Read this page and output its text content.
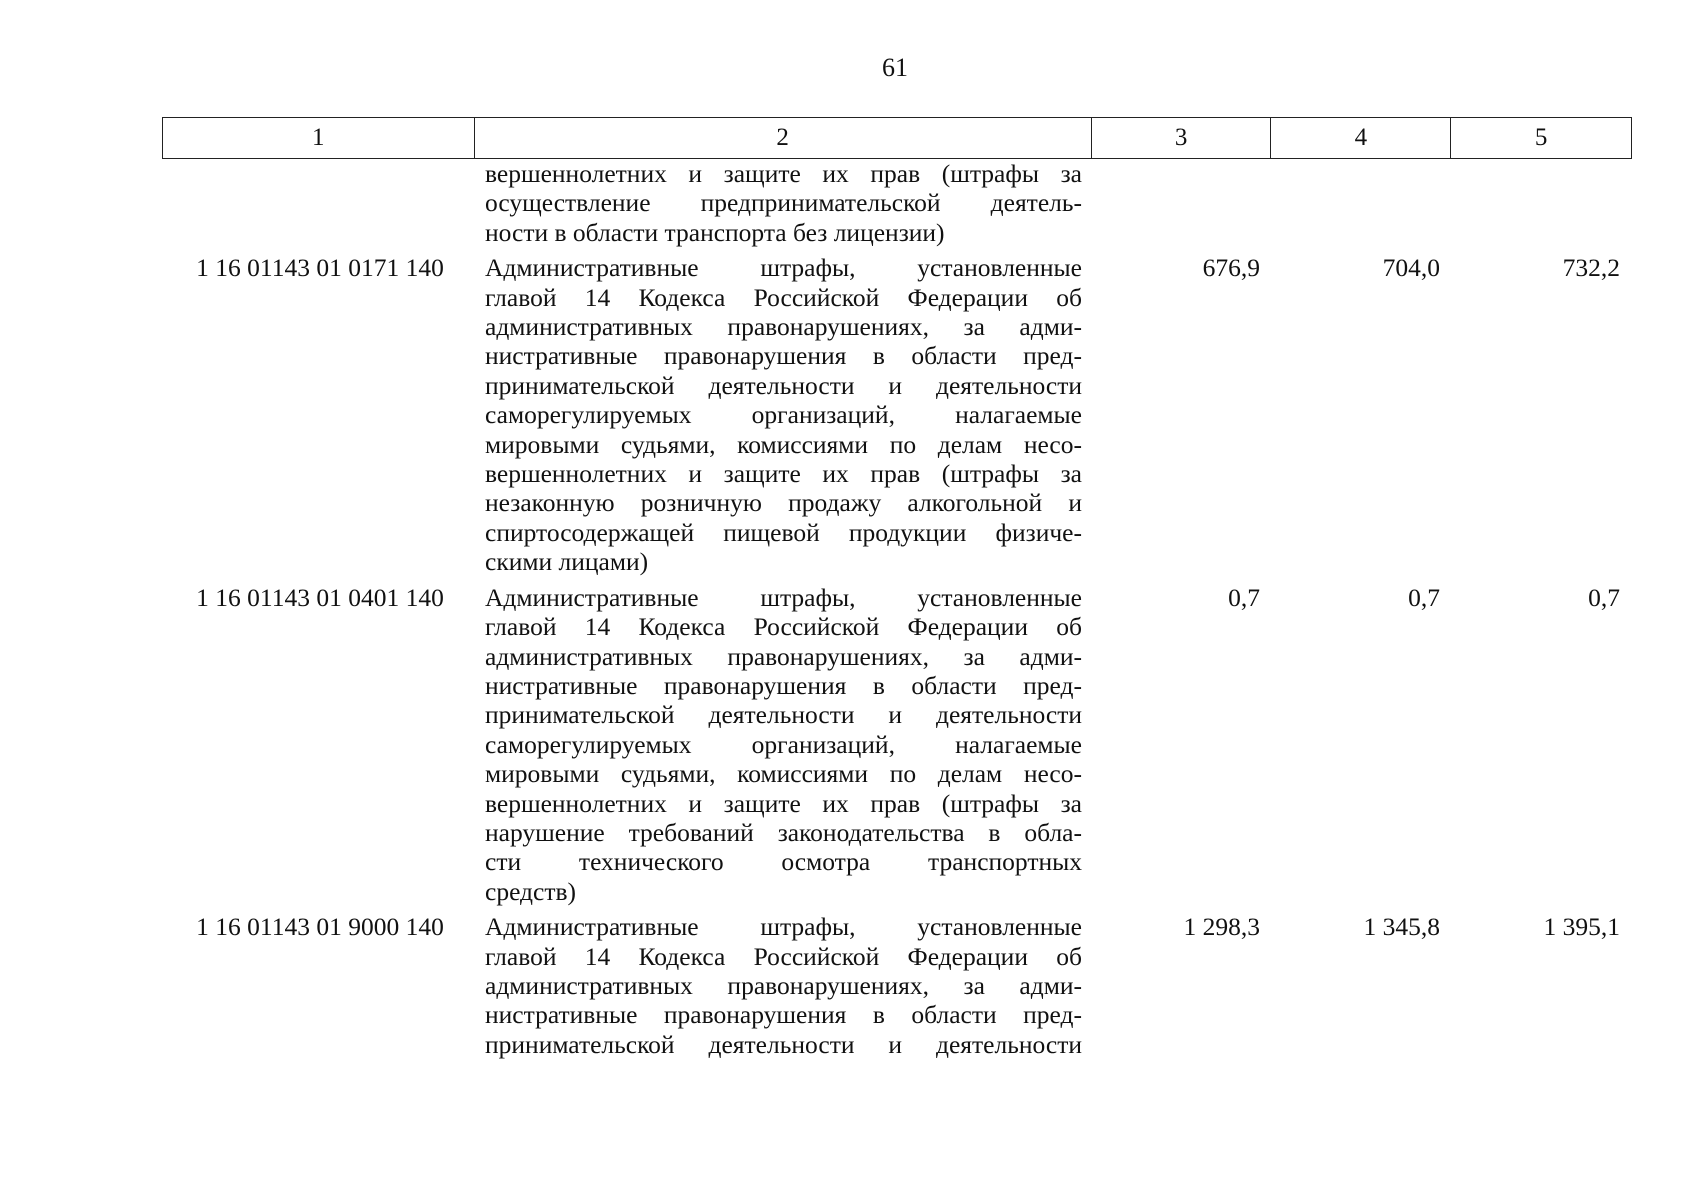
61
1	2	3	4	5
вершеннолетних и защите их прав (штрафы за
осуществление предпринимательской деятель-
ности в области транспорта без лицензии)
1 16 01143 01 0171 140	Административные штрафы, установленные
главой 14 Кодекса Российской Федерации об
административных правонарушениях, за адми-
нистративные правонарушения в области пред-
принимательской деятельности и деятельности
саморегулируемых организаций, налагаемые
мировыми судьями, комиссиями по делам несо-
вершеннолетних и защите их прав (штрафы за
незаконную розничную продажу алкогольной и
спиртосодержащей пищевой продукции физиче-
скими лицами)
676,9	704,0	732,2
1 16 01143 01 0401 140	Административные штрафы, установленные
главой 14 Кодекса Российской Федерации об
административных правонарушениях, за адми-
нистративные правонарушения в области пред-
принимательской деятельности и деятельности
саморегулируемых организаций, налагаемые
мировыми судьями, комиссиями по делам несо-
вершеннолетних и защите их прав (штрафы за
нарушение требований законодательства в обла-
сти технического осмотра транспортных
средств)
0,7	0,7	0,7
1 16 01143 01 9000 140	Административные штрафы, установленные
главой 14 Кодекса Российской Федерации об
административных правонарушениях, за адми-
нистративные правонарушения в области пред-
принимательской деятельности и деятельности
1 298,3	1 345,8	1 395,1
